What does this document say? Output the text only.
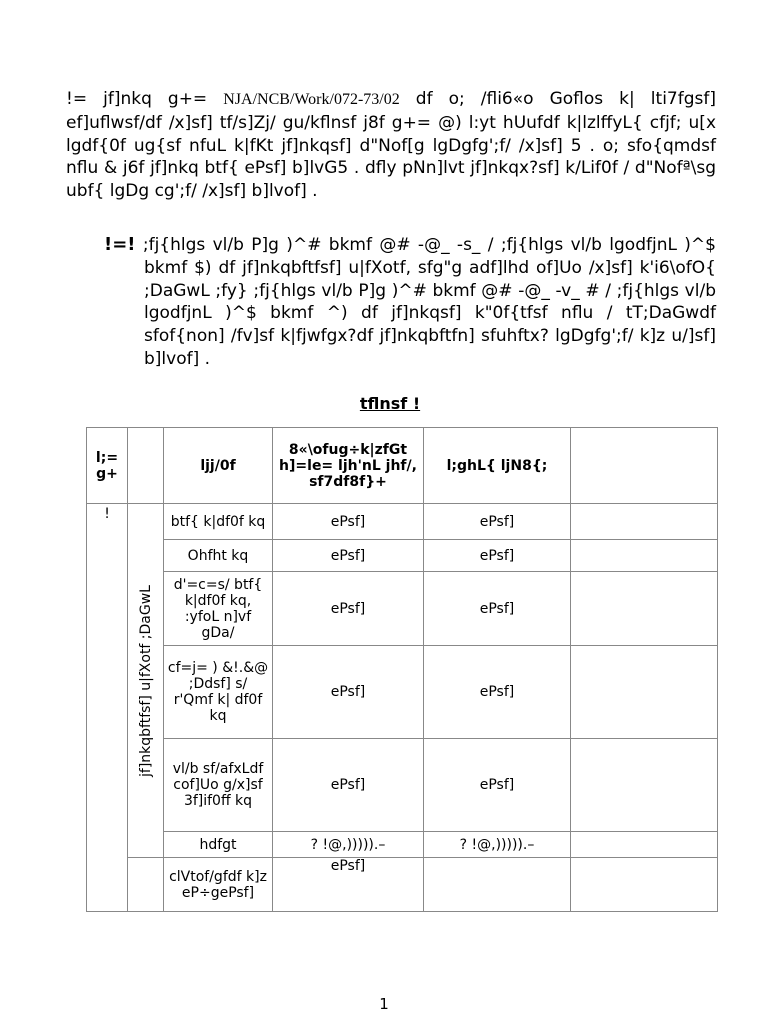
!= jf]nkq g+= NJA/NCB/Work/072-73/02 df o; /fli6«o Goflos k| lti7fgsf] ef]uflwsf/df /x]sf] tf/s]Zj/ gu/kflnsf j8f g+= @) l:yt hUufdf k|lzlffyL{ cfjf; u[x lgdf{0f ug{sf nfuL k|fKt jf]nkqsf] d"Nof[g lgDgfg';f/ /x]sf] 5 . o; sfo{qmdsf nflu & j6f jf]nkq btf{ ePsf] b]lvG5 . dfly pNn]lvt jf]nkqx?sf] k/Lif0f / d"Nofª\sg ubf{ lgDg cg';f/ /x]sf] b]lvof] .
!=! ;fj{hlgs vl/b P]g )^# bkmf @# -@_ -s_ / ;fj{hlgs vl/b lgodfjnL )^$ bkmf $) df jf]nkqbftfsf] u|fXotf, sfg"g adf]lhd of]Uo /x]sf] k'i6\ofO{ ;DaGwL ;fy} ;fj{hlgs vl/b P]g )^# bkmf @# -@_ -v_ # / ;fj{hlgs vl/b lgodfjnL )^$ bkmf ^) df jf]nkqsf] k"0f{tfsf nflu / tT;DaGwdf sfof{non] /fv]sf k|fjwfgx?df jf]nkqbftfn] sfuhftx? lgDgfg';f/ k]z u/]sf] b]lvof] .
tflnsf !
l;= g+		ljj/0f	8«\ofug÷k|zfGt h]=le= ljh'nL jhf/, sf7df8f}+	l;ghL{ ljN8{;	
!	jf]nkqbftfsf] u|fXotf ;DaGwL	btf{ k|df0f kq	ePsf]	ePsf]	
		Ohfht kq	ePsf]	ePsf]	
		d'=c=s/ btf{ k|df0f kq, :yfoL n]vf gDa/	ePsf]	ePsf]	
		cf=j= ) &!.&@ ;Ddsf] s/ r'Qmf k| df0f kq	ePsf]	ePsf]	
		vl/b sf/afxLdf cof]Uo g/x]sf 3f]if0ff kq	ePsf]	ePsf]	
		hdfgt	? !@,))))).–	? !@,))))).–	
		clVtof/gfdf k]z eP÷gePsf]	ePsf]		
1
